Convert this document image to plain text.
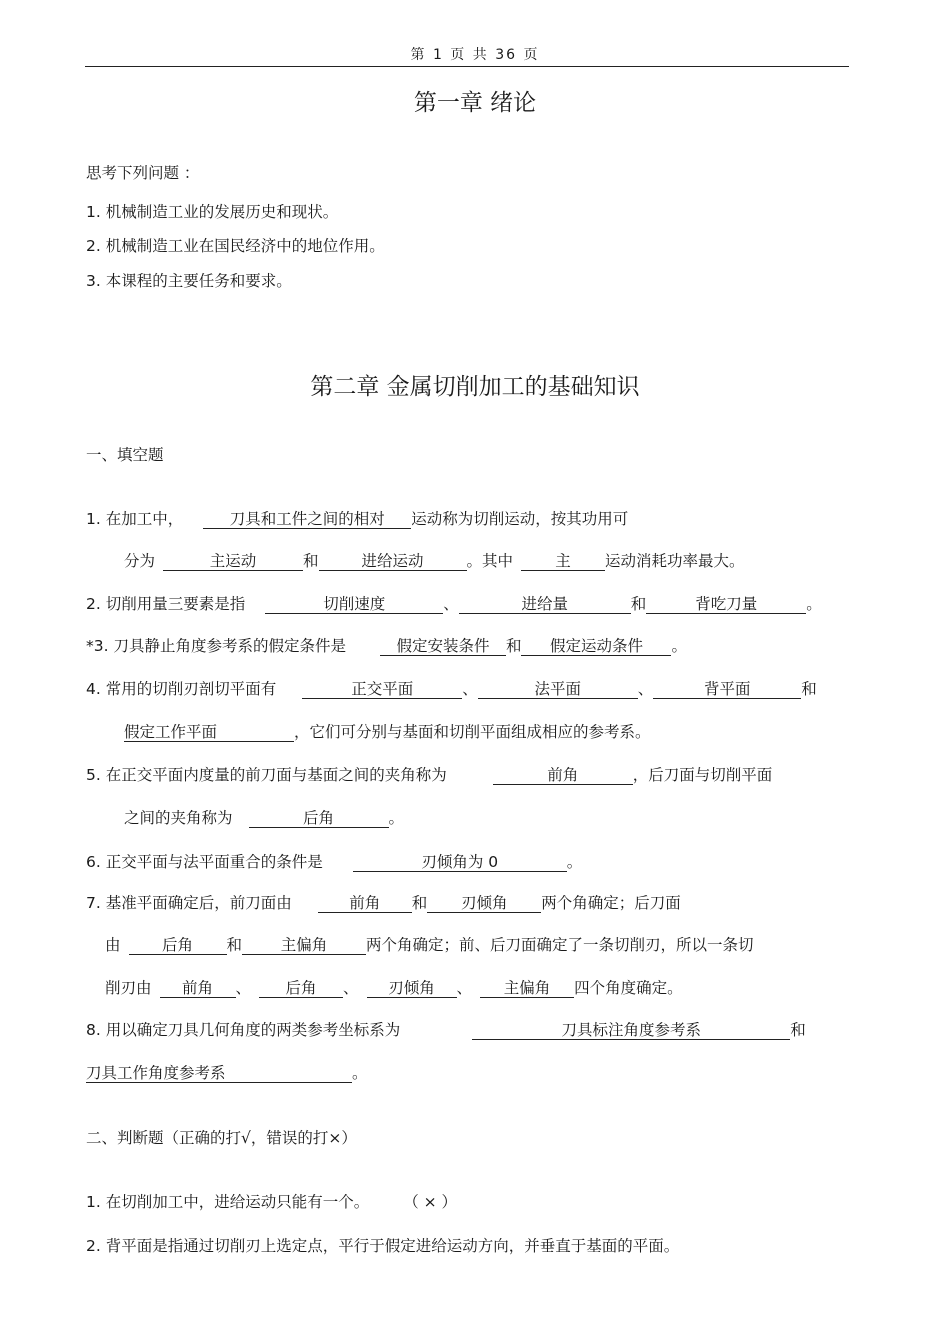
第 1 页 共 36 页
第一章 绪论
思考下列问题 ：
1. 机械制造工业的发展历史和现状。
2. 机械制造工业在国民经济中的地位作用。
3. 本课程的主要任务和要求。
第二章 金属切削加工的基础知识
一、填空题
1. 在加工中，	刀具和工件之间的相对 运动称为切削运动，按其功用可
分为	主运动	和	进给运动	。其中	主 运动消耗功率最大。
2. 切削用量三要素是指	切削速度	、	进给量	和	背吃刀量	。
*3. 刀具静止角度参考系的假定条件是	假定安装条件 和 假定运动条件 。
4. 常用的切削刃剖切平面有	正交平面	、	法平面	、	背平面	和
假定工作平面	，它们可分别与基面和切削平面组成相应的参考系。
5. 在正交平面内度量的前刀面与基面之间的夹角称为	前角	，后刀面与切削平面
之间的夹角称为	后角	。
6. 正交平面与法平面重合的条件是	刃倾角为 0	。
7. 基准平面确定后，前刀面由	前角 和 刃倾角 两个角确定；后刀面
由	后角 和 主偏角	两个角确定；前、后刀面确定了一条切削刃，所以一条切
削刃由 前角 、 后角 、 刃倾角 、 主偏角 四个角度确定。
8. 用以确定刀具几何角度的两类参考坐标系为	刀具标注角度参考系	和
刀具工作角度参考系	。
二、判断题（正确的打√，错误的打×）
1. 在切削加工中，进给运动只能有一个。 （ × ）
2. 背平面是指通过切削刃上选定点，平行于假定进给运动方向，并垂直于基面的平面。
